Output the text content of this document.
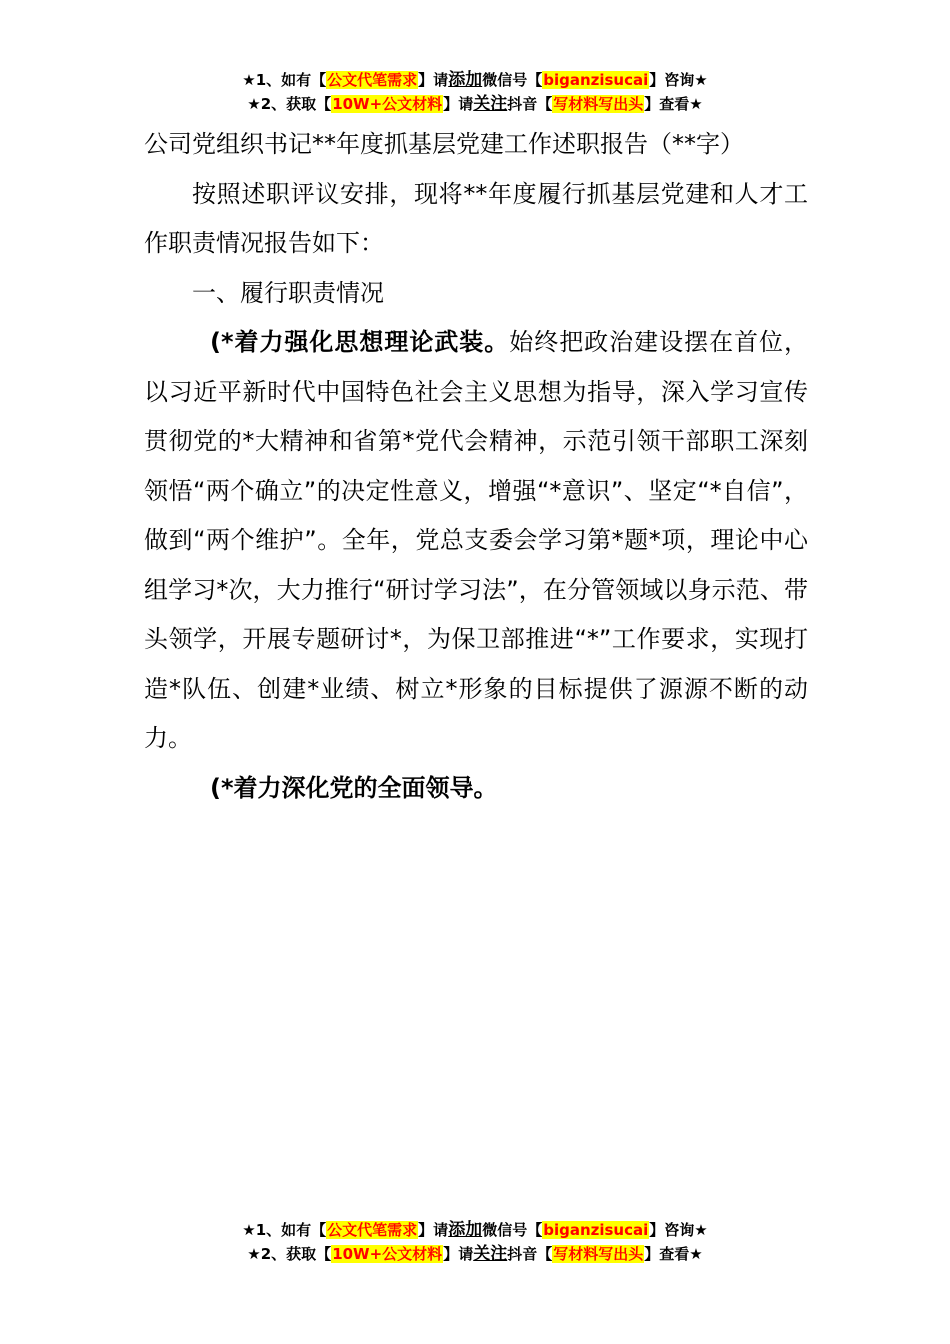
★1、如有【公文代笔需求】请添加微信号【biganzisucai】咨询★
★2、获取【10W+公文材料】请关注抖音【写材料写出头】查看★

公司党组织书记**年度抓基层党建工作述职报告（**字）

按照述职评议安排，现将**年度履行抓基层党建和人才工作职责情况报告如下：

一、履行职责情况

(*着力强化思想理论武装。始终把政治建设摆在首位，以习近平新时代中国特色社会主义思想为指导，深入学习宣传贯彻党的*大精神和省第*党代会精神，示范引领干部职工深刻领悟“两个确立”的决定性意义，增强“*意识”、坚定“*自信”，做到“两个维护”。全年，党总支委会学习第*题*项，理论中心组学习*次，大力推行“研讨学习法”，在分管领域以身示范、带头领学，开展专题研讨*，为保卫部推进“*”工作要求，实现打造*队伍、创建*业绩、树立*形象的目标提供了源源不断的动力。

(*着力深化党的全面领导。

★1、如有【公文代笔需求】请添加微信号【biganzisucai】咨询★
★2、获取【10W+公文材料】请关注抖音【写材料写出头】查看★
